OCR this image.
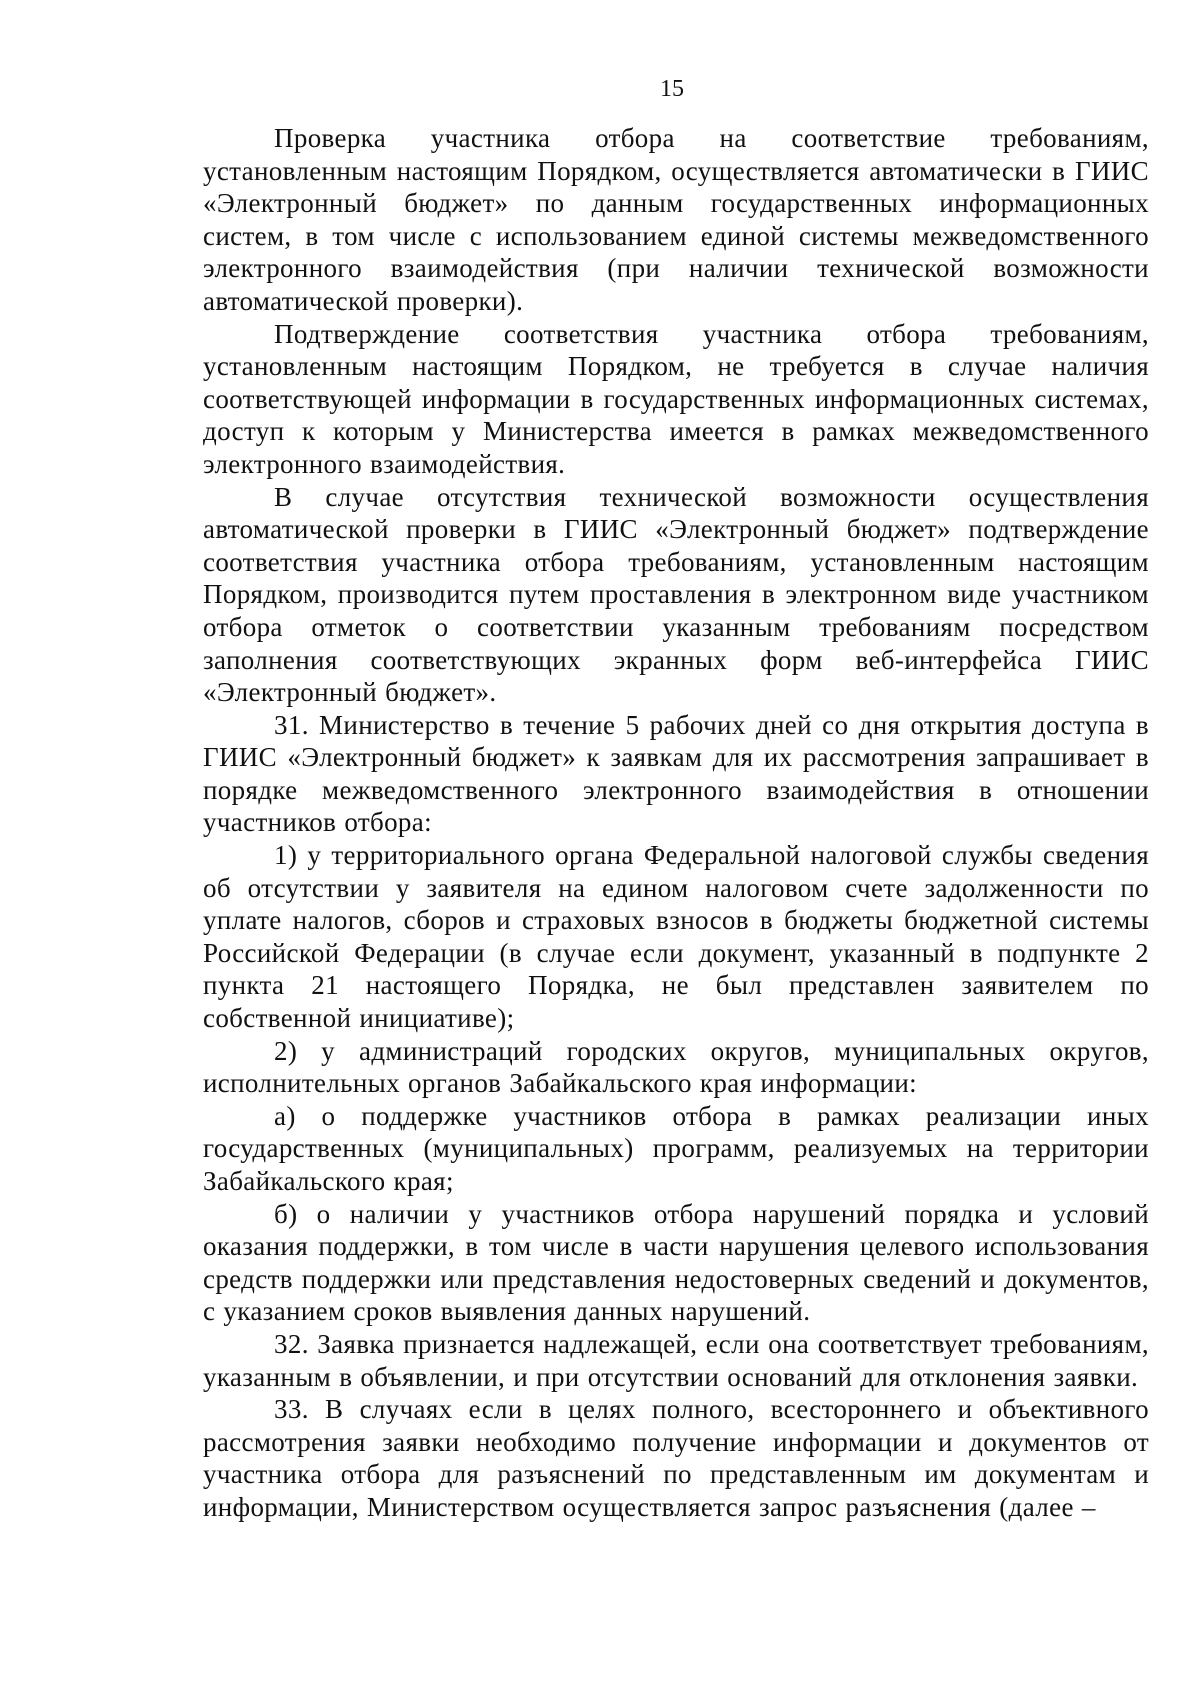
15

Проверка участника отбора на соответствие требованиям, установленным настоящим Порядком, осуществляется автоматически в ГИИС «Электронный бюджет» по данным государственных информационных систем, в том числе с использованием единой системы межведомственного электронного взаимодействия (при наличии технической возможности автоматической проверки).

Подтверждение соответствия участника отбора требованиям, установленным настоящим Порядком, не требуется в случае наличия соответствующей информации в государственных информационных системах, доступ к которым у Министерства имеется в рамках межведомственного электронного взаимодействия.

В случае отсутствия технической возможности осуществления автоматической проверки в ГИИС «Электронный бюджет» подтверждение соответствия участника отбора требованиям, установленным настоящим Порядком, производится путем проставления в электронном виде участником отбора отметок о соответствии указанным требованиям посредством заполнения соответствующих экранных форм веб-интерфейса ГИИС «Электронный бюджет».

31. Министерство в течение 5 рабочих дней со дня открытия доступа в ГИИС «Электронный бюджет» к заявкам для их рассмотрения запрашивает в порядке межведомственного электронного взаимодействия в отношении участников отбора:

1) у территориального органа Федеральной налоговой службы сведения об отсутствии у заявителя на едином налоговом счете задолженности по уплате налогов, сборов и страховых взносов в бюджеты бюджетной системы Российской Федерации (в случае если документ, указанный в подпункте 2 пункта 21 настоящего Порядка, не был представлен заявителем по собственной инициативе);

2) у администраций городских округов, муниципальных округов, исполнительных органов Забайкальского края информации:

а) о поддержке участников отбора в рамках реализации иных государственных (муниципальных) программ, реализуемых на территории Забайкальского края;

б) о наличии у участников отбора нарушений порядка и условий оказания поддержки, в том числе в части нарушения целевого использования средств поддержки или представления недостоверных сведений и документов, с указанием сроков выявления данных нарушений.

32. Заявка признается надлежащей, если она соответствует требованиям, указанным в объявлении, и при отсутствии оснований для отклонения заявки.

33. В случаях если в целях полного, всестороннего и объективного рассмотрения заявки необходимо получение информации и документов от участника отбора для разъяснений по представленным им документам и информации, Министерством осуществляется запрос разъяснения (далее –
